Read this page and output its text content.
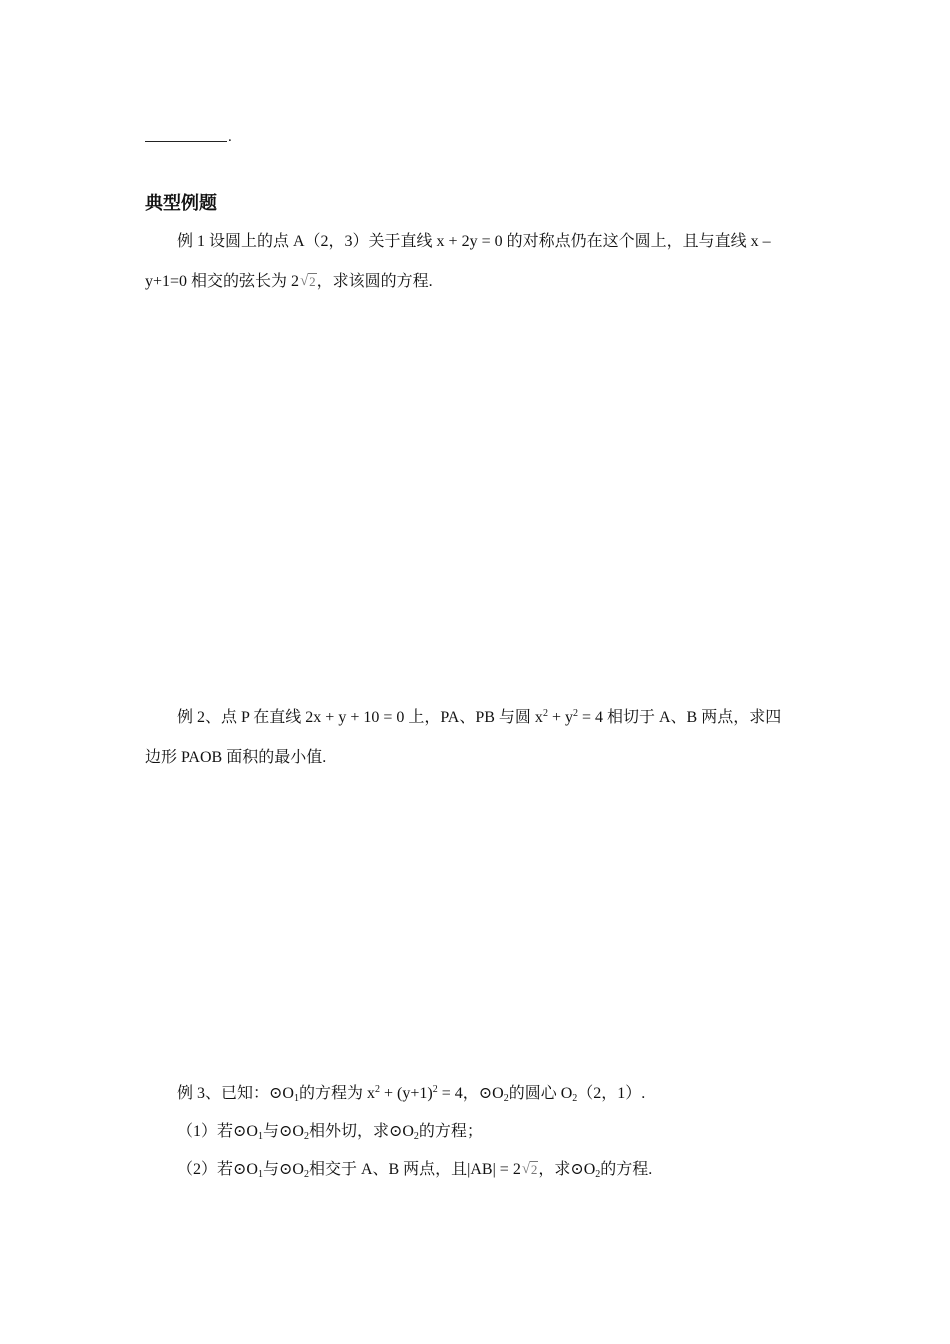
.
典型例题
例 1 设圆上的点 A（2，3）关于直线 x + 2y = 0 的对称点仍在这个圆上，且与直线 x –
y+1=0 相交的弦长为 2 √ 2，求该圆的方程.
例 2、点 P 在直线 2x + y + 10 = 0 上，PA、PB 与圆 $x^2 + y^2 = 4$ 相切于 A、B 两点，求四
边形 PAOB 面积的最小值.
例 3、已知：$⊙O_1$的方程为 $x^2 + (y+1)^2 = 4$，$⊙O_2$的圆心 $O_2(2$，1）.
（1）若$⊙O_1$与$⊙O_2$相外切，求$⊙O_2$的方程；
（2）若$⊙O_1$与$⊙O_2$相交于 A、B 两点，且|AB| = 2 √ 2，求$⊙O_2$的方程.
